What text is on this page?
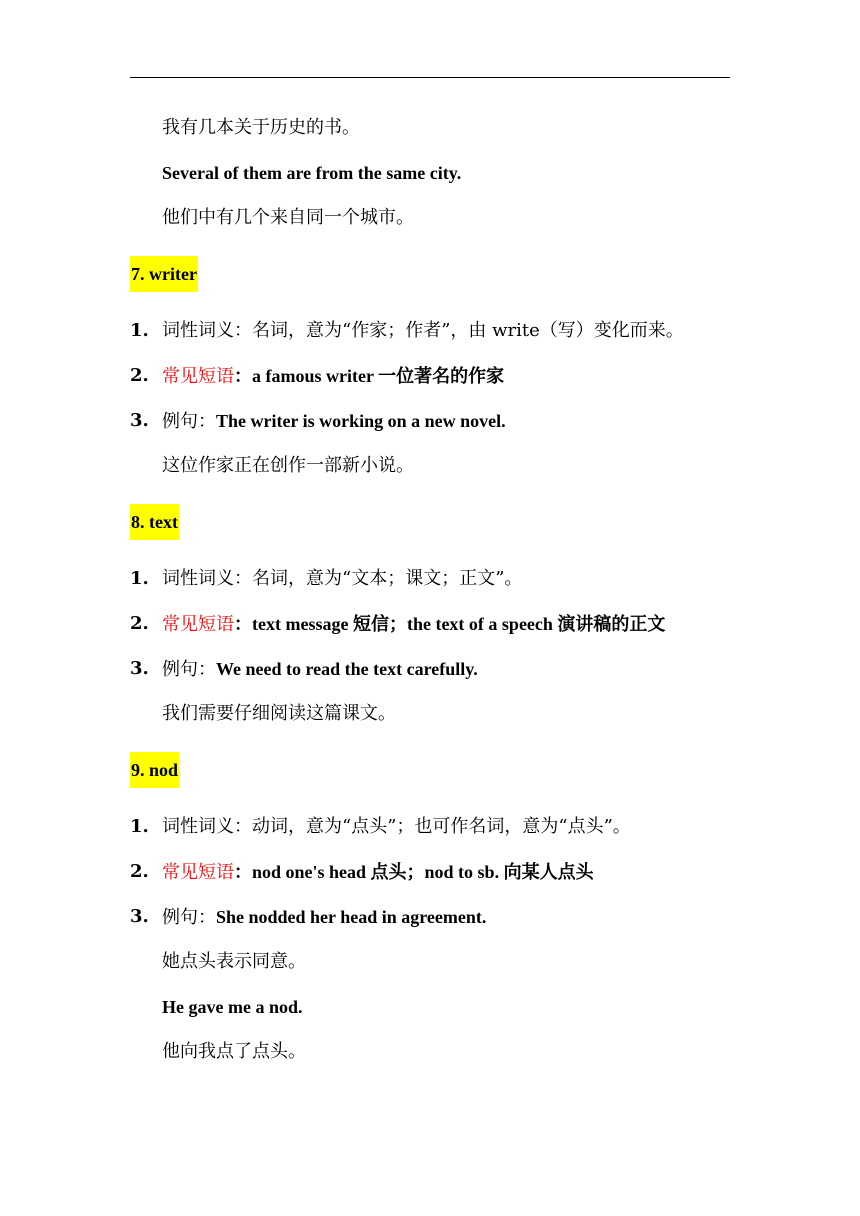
我有几本关于历史的书。
Several of them are from the same city.
他们中有几个来自同一个城市。
7. writer
1. 词性词义：名词，意为“作家；作者”，由 write（写）变化而来。
2. 常见短语：a famous writer 一位著名的作家
3. 例句：The writer is working on a new novel.
这位作家正在创作一部新小说。
8. text
1. 词性词义：名词，意为“文本；课文；正文”。
2. 常见短语：text message 短信；the text of a speech 演讲稿的正文
3. 例句：We need to read the text carefully.
我们需要仔细阅读这篇课文。
9. nod
1. 词性词义：动词，意为“点头”；也可作名词，意为“点头”。
2. 常见短语：nod one's head 点头；nod to sb. 向某人点头
3. 例句：She nodded her head in agreement.
她点头表示同意。
He gave me a nod.
他向我点了点头。
